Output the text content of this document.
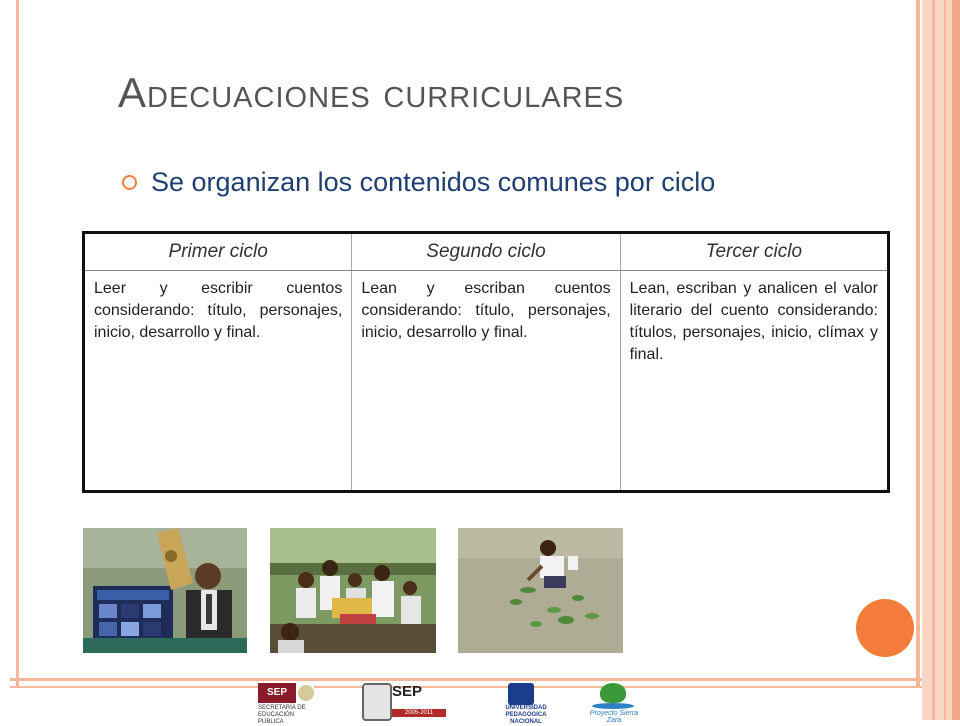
Adecuaciones curriculares
Se organizan los contenidos comunes por ciclo
Primer ciclo	Segundo ciclo	Tercer ciclo
Leer y escribir cuentos considerando: título, personajes, inicio, desarrollo y final.	Lean y escriban cuentos considerando: título, personajes, inicio, desarrollo y final.	Lean, escriban y analicen el valor literario del cuento considerando: títulos, personajes, inicio, clímax y final.
SEP
SECRETARÍA DE EDUCACIÓN PÚBLICA
SEP
2005-2011
UNIVERSIDAD PEDAGÓGICA NACIONAL
Proyecto Sierra Zara
